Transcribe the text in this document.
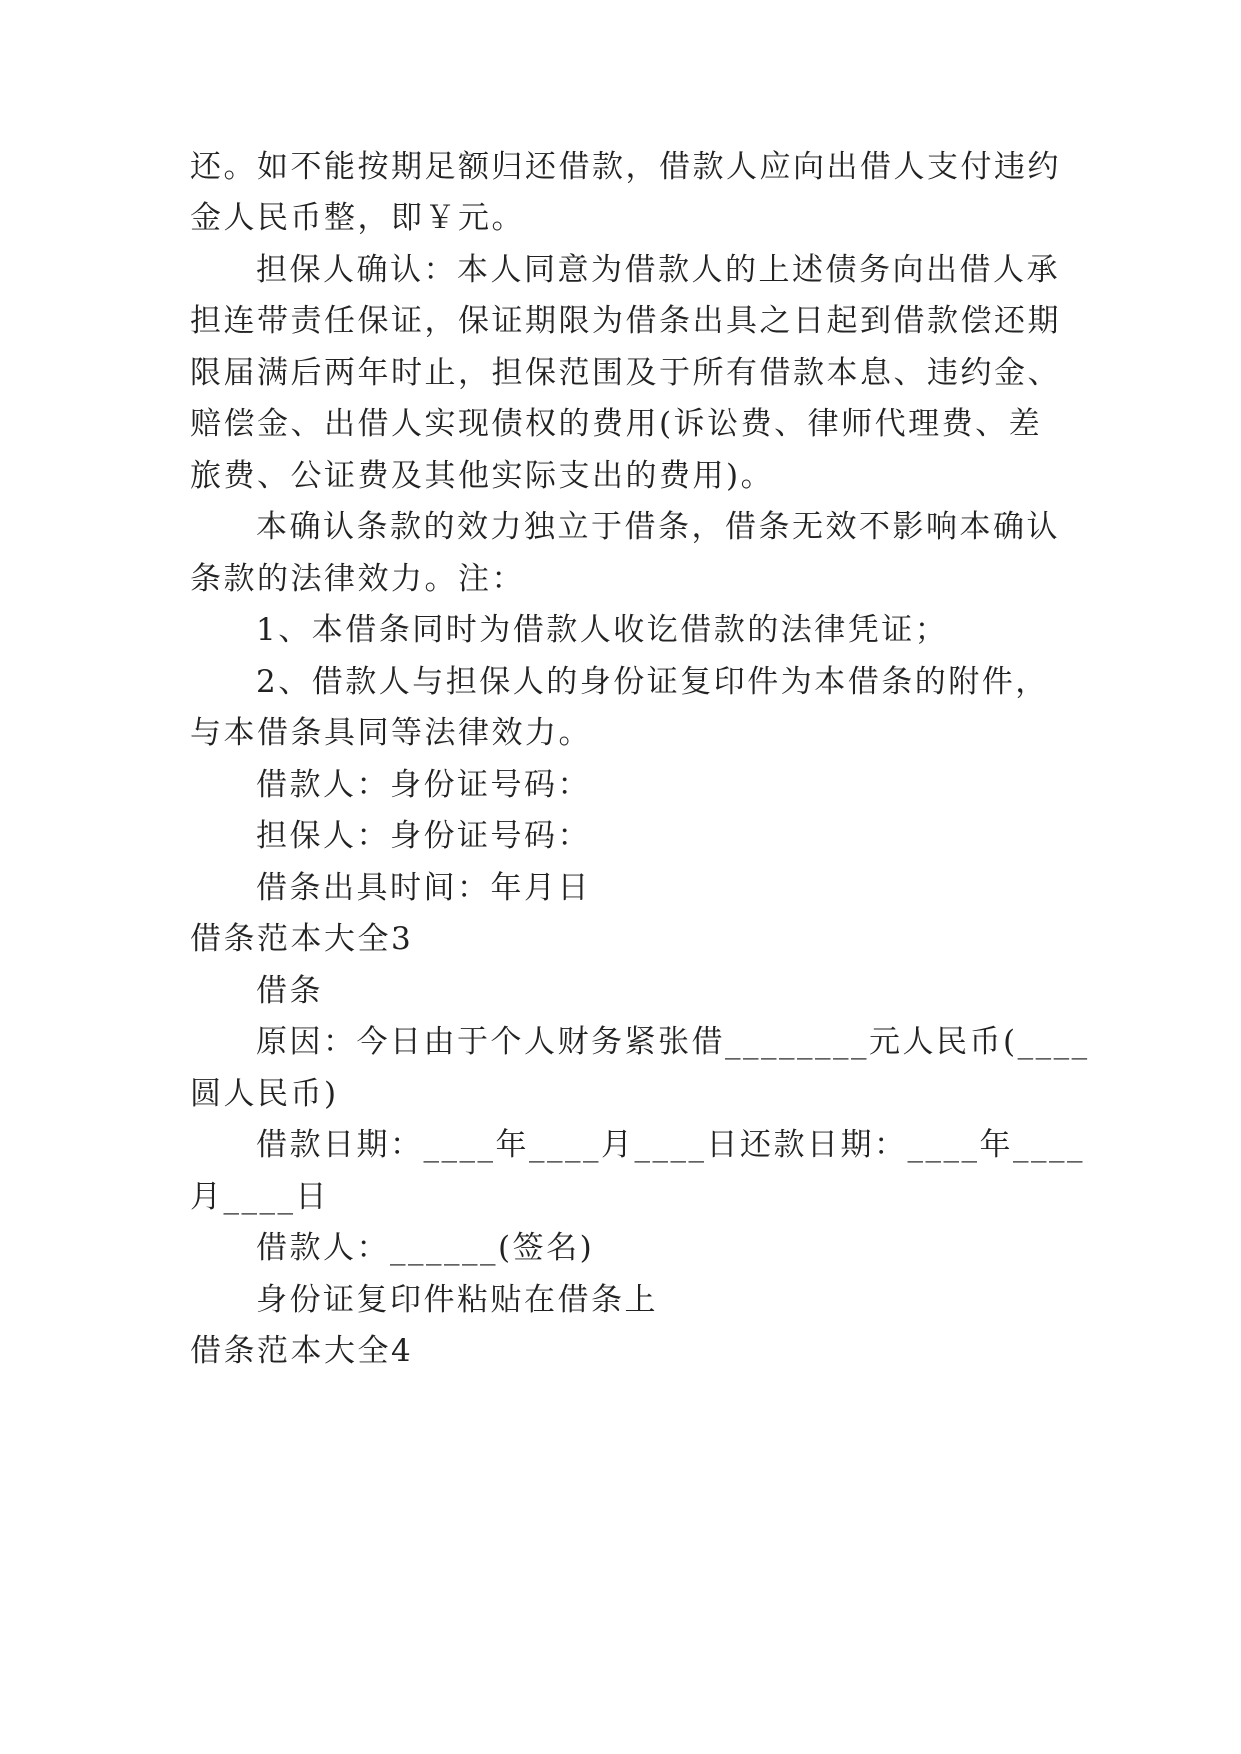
还。如不能按期足额归还借款，借款人应向出借人支付违约
金人民币整，即￥元。
担保人确认：本人同意为借款人的上述债务向出借人承
担连带责任保证，保证期限为借条出具之日起到借款偿还期
限届满后两年时止，担保范围及于所有借款本息、违约金、
赔偿金、出借人实现债权的费用(诉讼费、律师代理费、差
旅费、公证费及其他实际支出的费用)。
本确认条款的效力独立于借条，借条无效不影响本确认
条款的法律效力。注：
1、本借条同时为借款人收讫借款的法律凭证；
2、借款人与担保人的身份证复印件为本借条的附件，
与本借条具同等法律效力。
借款人：身份证号码：
担保人：身份证号码：
借条出具时间：年月日
借条范本大全3
借条
原因：今日由于个人财务紧张借________元人民币(____
圆人民币)
借款日期：____年____月____日还款日期：____年____
月____日
借款人：______(签名)
身份证复印件粘贴在借条上
借条范本大全4
